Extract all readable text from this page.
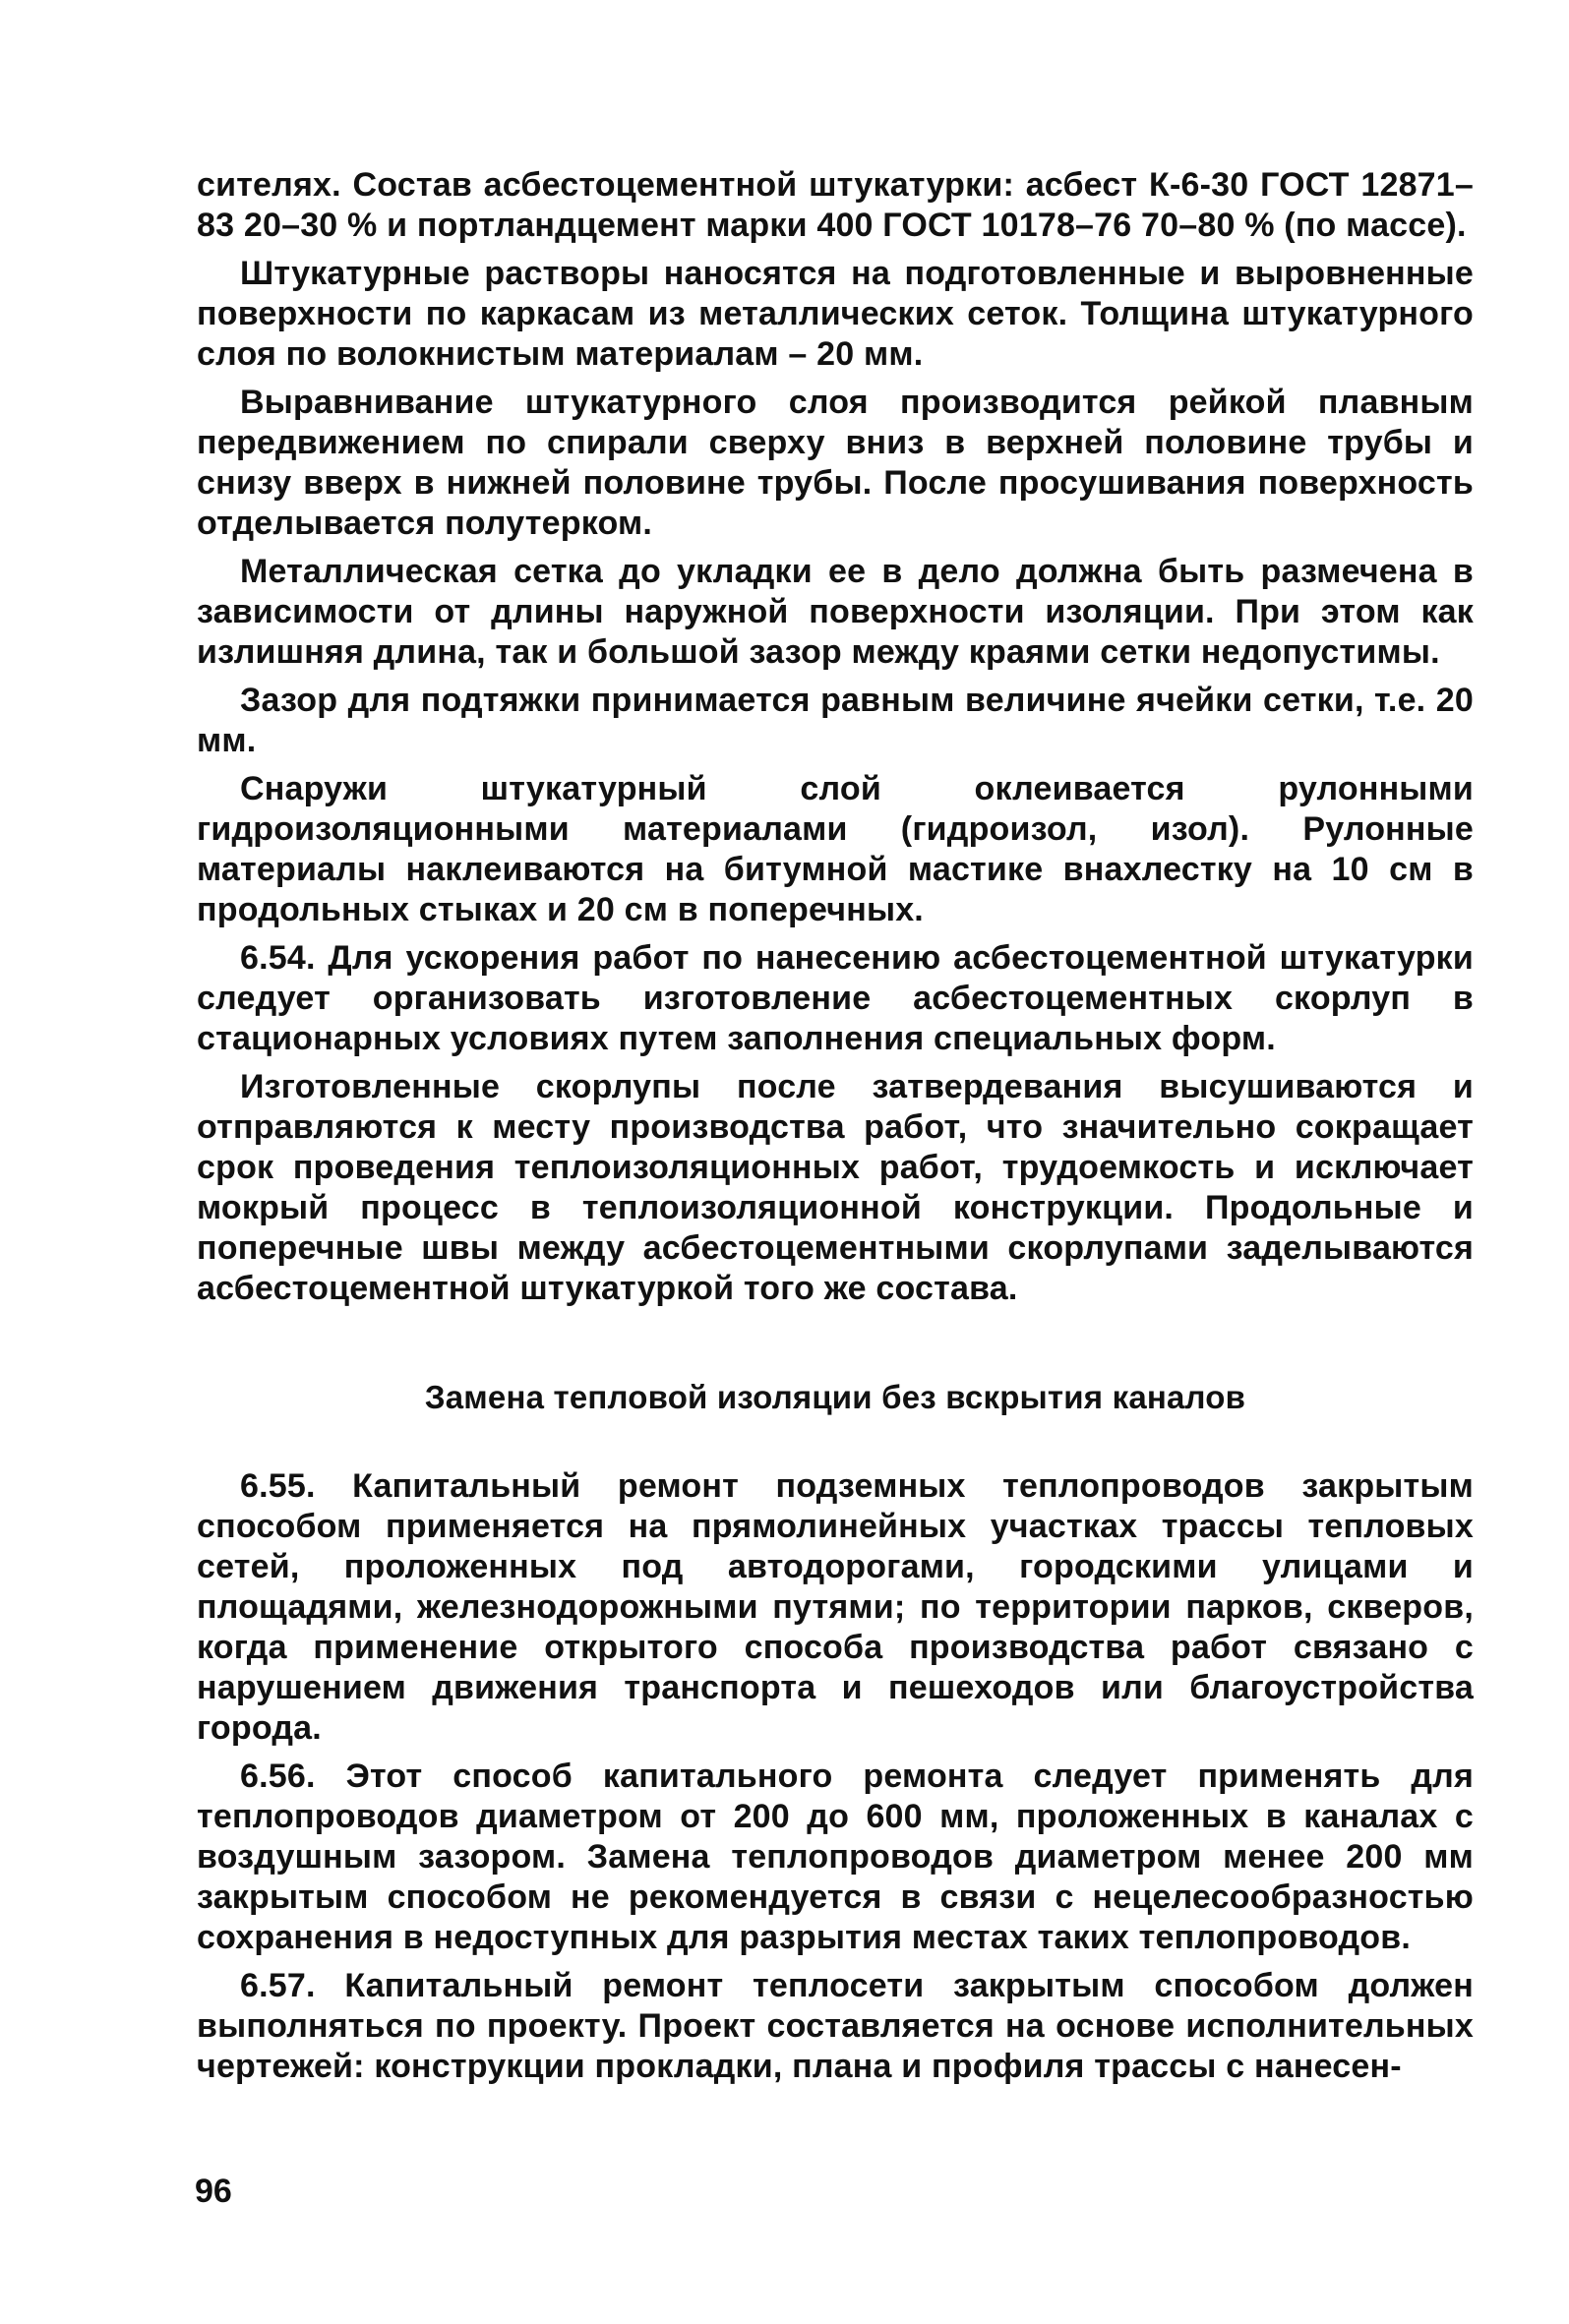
сителях. Состав асбестоцементной штукатурки: асбест К-6-30 ГОСТ 12871–83 20–30 % и портландцемент марки 400 ГОСТ 10178–76 70–80 % (по массе).

Штукатурные растворы наносятся на подготовленные и выровненные поверхности по каркасам из металлических сеток. Толщина штукатурного слоя по волокнистым материалам – 20 мм.

Выравнивание штукатурного слоя производится рейкой плавным передвижением по спирали сверху вниз в верхней половине трубы и снизу вверх в нижней половине трубы. После просушивания поверхность отделывается полутерком.

Металлическая сетка до укладки ее в дело должна быть размечена в зависимости от длины наружной поверхности изоляции. При этом как излишняя длина, так и большой зазор между краями сетки недопустимы.

Зазор для подтяжки принимается равным величине ячейки сетки, т.е. 20 мм.

Снаружи штукатурный слой оклеивается рулонными гидроизоляционными материалами (гидроизол, изол). Рулонные материалы наклеиваются на битумной мастике внахлестку на 10 см в продольных стыках и 20 см в поперечных.

6.54. Для ускорения работ по нанесению асбестоцементной штукатурки следует организовать изготовление асбестоцементных скорлуп в стационарных условиях путем заполнения специальных форм.

Изготовленные скорлупы после затвердевания высушиваются и отправляются к месту производства работ, что значительно сокращает срок проведения теплоизоляционных работ, трудоемкость и исключает мокрый процесс в теплоизоляционной конструкции. Продольные и поперечные швы между асбестоцементными скорлупами заделываются асбестоцементной штукатуркой того же состава.

Замена тепловой изоляции без вскрытия каналов

6.55. Капитальный ремонт подземных теплопроводов закрытым способом применяется на прямолинейных участках трассы тепловых сетей, проложенных под автодорогами, городскими улицами и площадями, железнодорожными путями; по территории парков, скверов, когда применение открытого способа производства работ связано с нарушением движения транспорта и пешеходов или благоустройства города.

6.56. Этот способ капитального ремонта следует применять для теплопроводов диаметром от 200 до 600 мм, проложенных в каналах с воздушным зазором. Замена теплопроводов диаметром менее 200 мм закрытым способом не рекомендуется в связи с нецелесообразностью сохранения в недоступных для разрытия местах таких теплопроводов.

6.57. Капитальный ремонт теплосети закрытым способом должен выполняться по проекту. Проект составляется на основе исполнительных чертежей: конструкции прокладки, плана и профиля трассы с нанесен-

96
